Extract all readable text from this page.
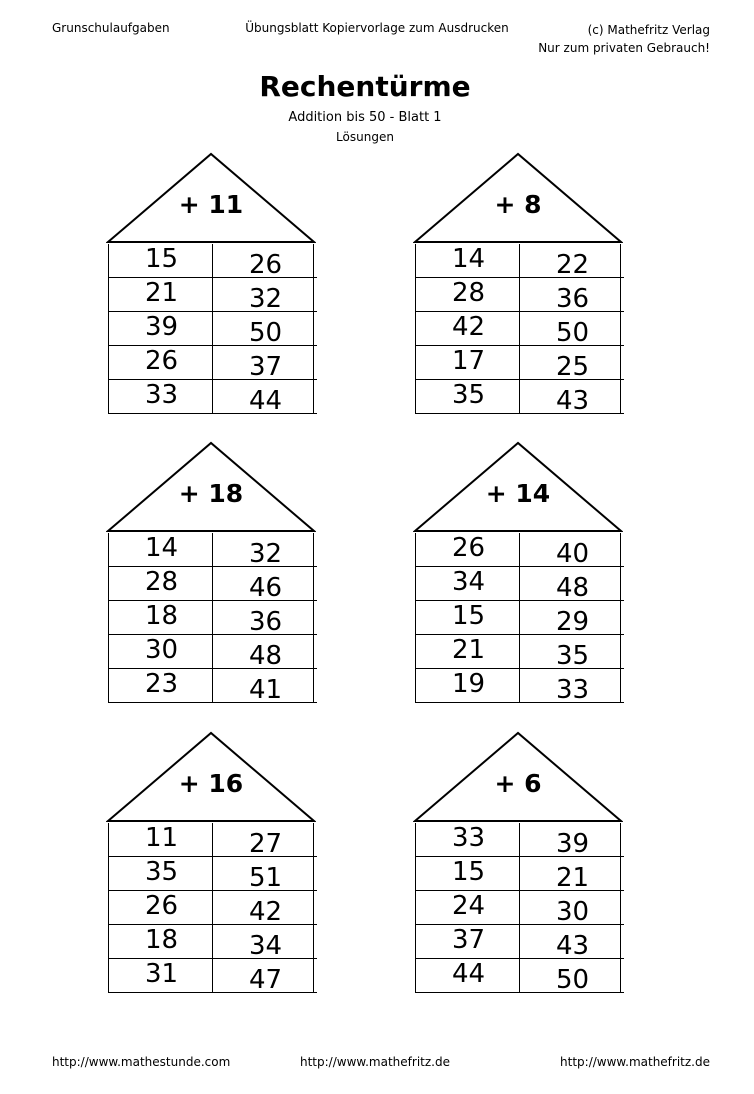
Grunschulaufgaben	Übungsblatt Kopiervorlage zum Ausdrucken	(c) Mathefritz Verlag
Nur zum privaten Gebrauch!
Rechentürme
Addition bis 50 - Blatt 1
Lösungen
+ 11
15	26
21	32
39	50
26	37
33	44
+ 8
14	22
28	36
42	50
17	25
35	43
+ 18
14	32
28	46
18	36
30	48
23	41
+ 14
26	40
34	48
15	29
21	35
19	33
+ 16
11	27
35	51
26	42
18	34
31	47
+ 6
33	39
15	21
24	30
37	43
44	50
http://www.mathestunde.com	http://www.mathefritz.de	http://www.mathefritz.de
